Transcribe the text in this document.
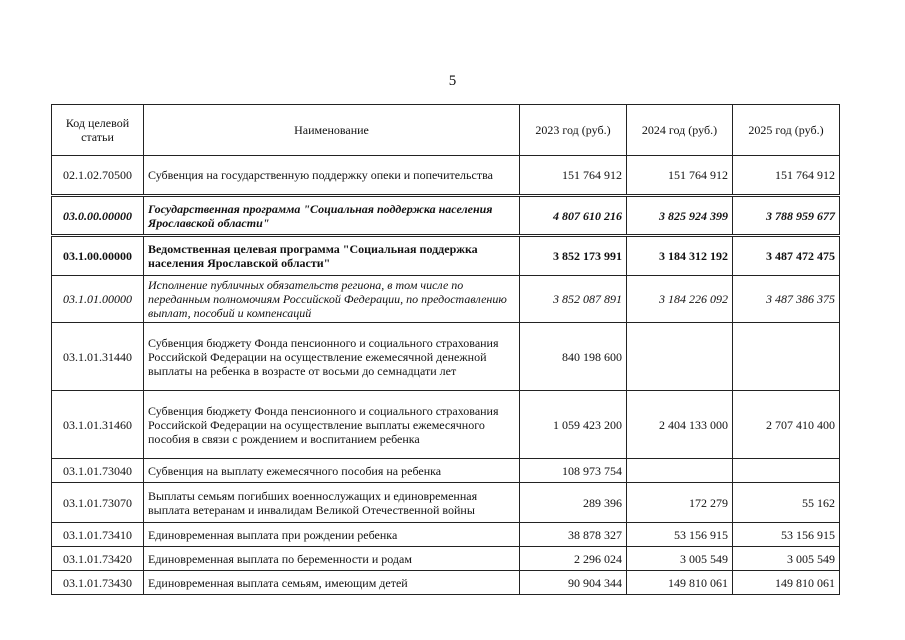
5
Код целевой статьи	Наименование	2023 год (руб.)	2024 год (руб.)	2025 год (руб.)
02.1.02.70500	Субвенция на государственную поддержку опеки и попечительства	151 764 912	151 764 912	151 764 912
03.0.00.00000	Государственная программа "Социальная поддержка населения Ярославской области"	4 807 610 216	3 825 924 399	3 788 959 677
03.1.00.00000	Ведомственная целевая программа "Социальная поддержка населения Ярославской области"	3 852 173 991	3 184 312 192	3 487 472 475
03.1.01.00000	Исполнение публичных обязательств региона, в том числе по переданным полномочиям Российской Федерации, по предоставлению выплат, пособий и компенсаций	3 852 087 891	3 184 226 092	3 487 386 375
03.1.01.31440	Субвенция бюджету Фонда пенсионного и социального страхования Российской Федерации на осуществление ежемесячной денежной выплаты на ребенка в возрасте от восьми до семнадцати лет	840 198 600		
03.1.01.31460	Субвенция бюджету Фонда пенсионного и социального страхования Российской Федерации на осуществление выплаты ежемесячного пособия в связи с рождением и воспитанием ребенка	1 059 423 200	2 404 133 000	2 707 410 400
03.1.01.73040	Субвенция на выплату ежемесячного пособия на ребенка	108 973 754		
03.1.01.73070	Выплаты семьям погибших военнослужащих и единовременная выплата ветеранам и инвалидам Великой Отечественной войны	289 396	172 279	55 162
03.1.01.73410	Единовременная выплата при рождении ребенка	38 878 327	53 156 915	53 156 915
03.1.01.73420	Единовременная выплата по беременности и родам	2 296 024	3 005 549	3 005 549
03.1.01.73430	Единовременная выплата семьям, имеющим детей	90 904 344	149 810 061	149 810 061
